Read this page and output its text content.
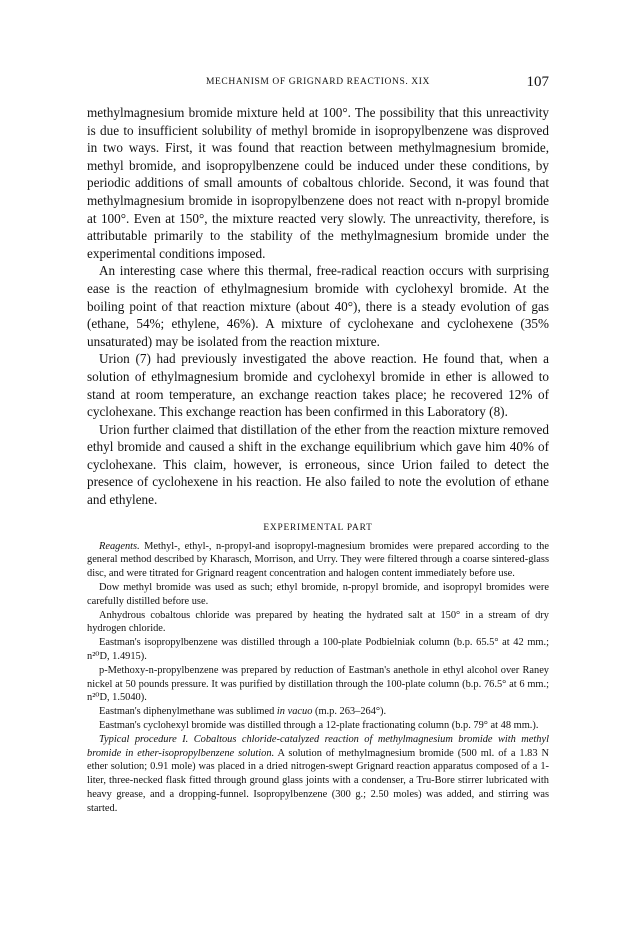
MECHANISM OF GRIGNARD REACTIONS. XIX	107

methylmagnesium bromide mixture held at 100°. The possibility that this unreactivity is due to insufficient solubility of methyl bromide in isopropylbenzene was disproved in two ways. First, it was found that reaction between methylmagnesium bromide, methyl bromide, and isopropylbenzene could be induced under these conditions, by periodic additions of small amounts of cobaltous chloride. Second, it was found that methylmagnesium bromide in isopropylbenzene does not react with n-propyl bromide at 100°. Even at 150°, the mixture reacted very slowly. The unreactivity, therefore, is attributable primarily to the stability of the methylmagnesium bromide under the experimental conditions imposed.

An interesting case where this thermal, free-radical reaction occurs with surprising ease is the reaction of ethylmagnesium bromide with cyclohexyl bromide. At the boiling point of that reaction mixture (about 40°), there is a steady evolution of gas (ethane, 54%; ethylene, 46%). A mixture of cyclohexane and cyclohexene (35% unsaturated) may be isolated from the reaction mixture.

Urion (7) had previously investigated the above reaction. He found that, when a solution of ethylmagnesium bromide and cyclohexyl bromide in ether is allowed to stand at room temperature, an exchange reaction takes place; he recovered 12% of cyclohexane. This exchange reaction has been confirmed in this Laboratory (8).

Urion further claimed that distillation of the ether from the reaction mixture removed ethyl bromide and caused a shift in the exchange equilibrium which gave him 40% of cyclohexane. This claim, however, is erroneous, since Urion failed to detect the presence of cyclohexene in his reaction. He also failed to note the evolution of ethane and ethylene.

EXPERIMENTAL PART

Reagents. Methyl-, ethyl-, n-propyl-and isopropyl-magnesium bromides were prepared according to the general method described by Kharasch, Morrison, and Urry. They were filtered through a coarse sintered-glass disc, and were titrated for Grignard reagent concentration and halogen content immediately before use.

Dow methyl bromide was used as such; ethyl bromide, n-propyl bromide, and isopropyl bromides were carefully distilled before use.

Anhydrous cobaltous chloride was prepared by heating the hydrated salt at 150° in a stream of dry hydrogen chloride.

Eastman's isopropylbenzene was distilled through a 100-plate Podbielniak column (b.p. 65.5° at 42 mm.; n²⁰D, 1.4915).

p-Methoxy-n-propylbenzene was prepared by reduction of Eastman's anethole in ethyl alcohol over Raney nickel at 50 pounds pressure. It was purified by distillation through the 100-plate column (b.p. 76.5° at 6 mm.; n²⁰D, 1.5040).

Eastman's diphenylmethane was sublimed in vacuo (m.p. 263–264°).

Eastman's cyclohexyl bromide was distilled through a 12-plate fractionating column (b.p. 79° at 48 mm.).

Typical procedure I. Cobaltous chloride-catalyzed reaction of methylmagnesium bromide with methyl bromide in ether-isopropylbenzene solution. A solution of methylmagnesium bromide (500 ml. of a 1.83 N ether solution; 0.91 mole) was placed in a dried nitrogen-swept Grignard reaction apparatus composed of a 1-liter, three-necked flask fitted through ground glass joints with a condenser, a Tru-Bore stirrer lubricated with heavy grease, and a dropping-funnel. Isopropylbenzene (300 g.; 2.50 moles) was added, and stirring was started.
